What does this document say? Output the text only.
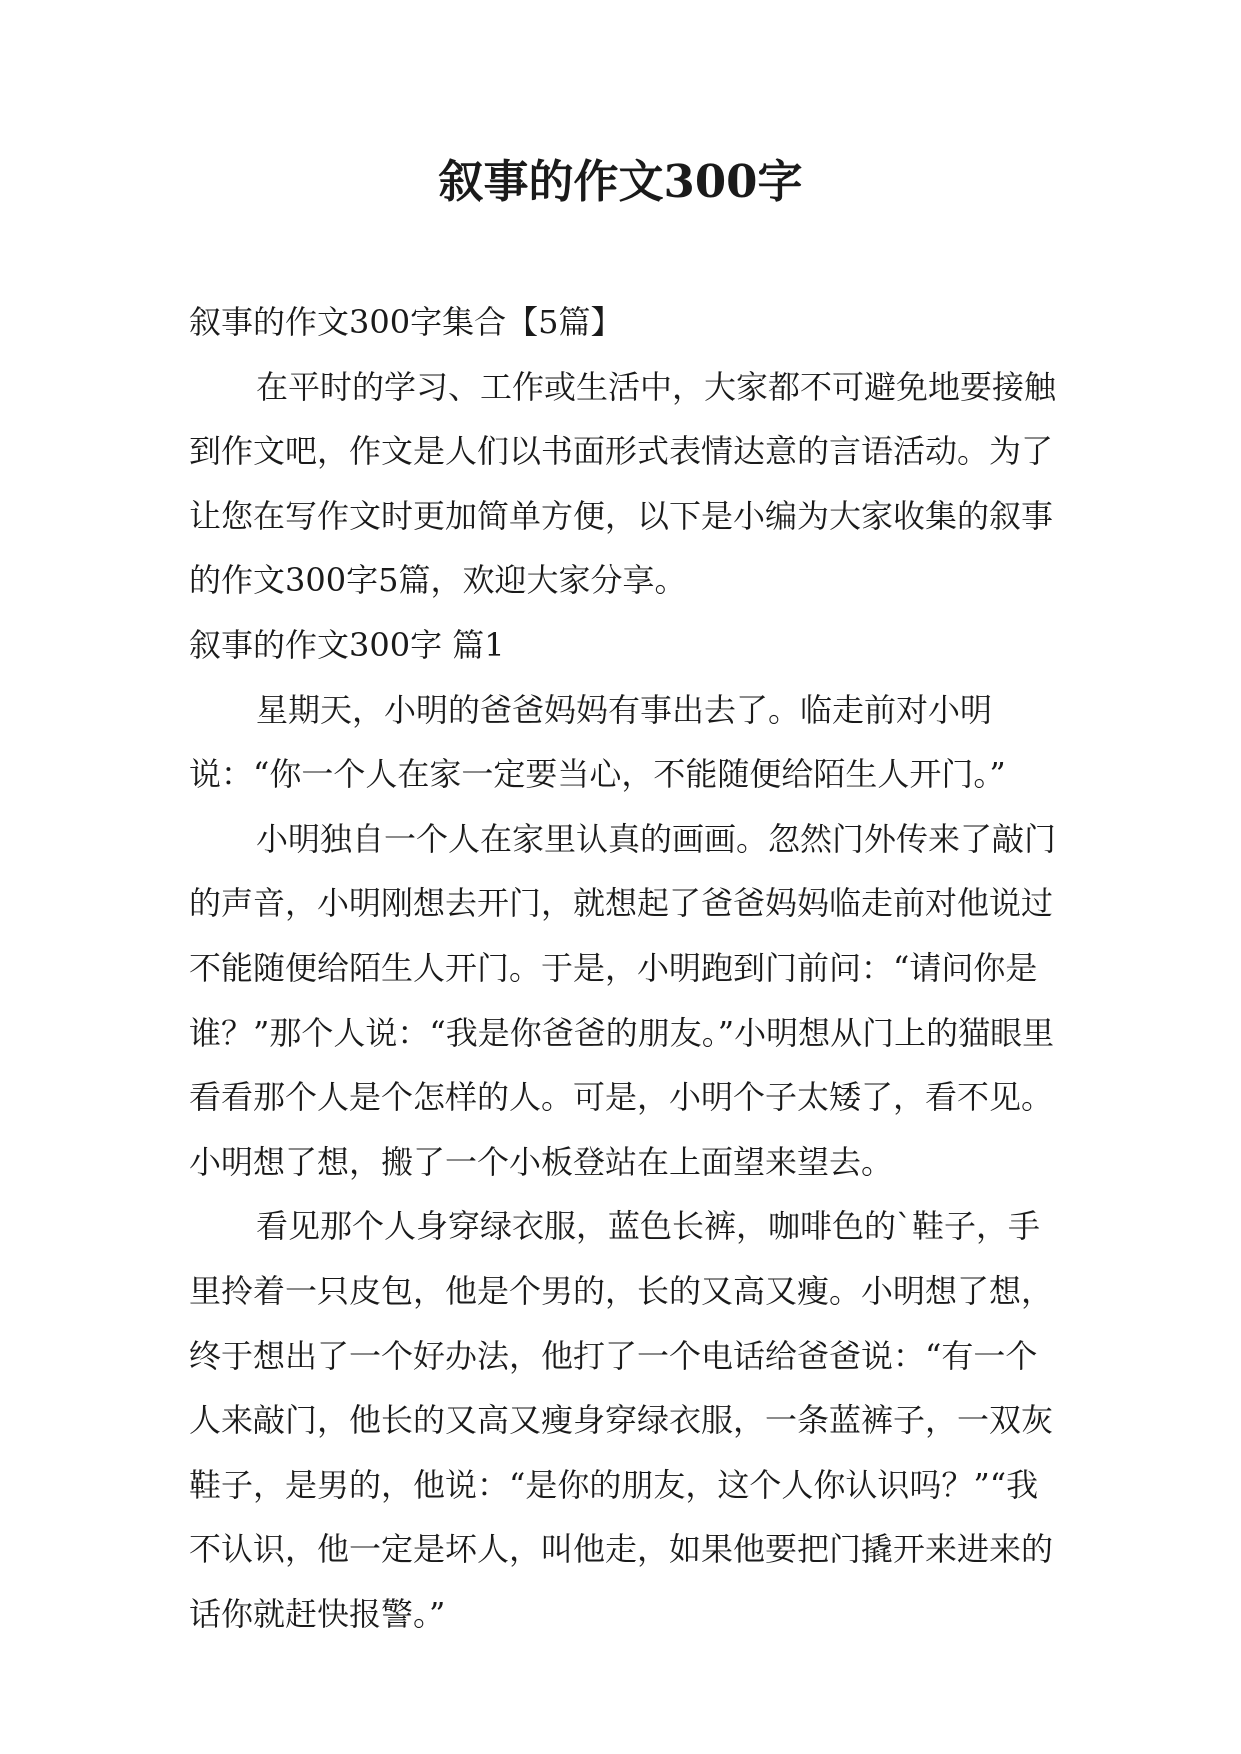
叙事的作文300字

叙事的作文300字集合【5篇】

在平时的学习、工作或生活中，大家都不可避免地要接触到作文吧，作文是人们以书面形式表情达意的言语活动。为了让您在写作文时更加简单方便，以下是小编为大家收集的叙事的作文300字5篇，欢迎大家分享。

叙事的作文300字 篇1

星期天，小明的爸爸妈妈有事出去了。临走前对小明说：“你一个人在家一定要当心，不能随便给陌生人开门。”

小明独自一个人在家里认真的画画。忽然门外传来了敲门的声音，小明刚想去开门，就想起了爸爸妈妈临走前对他说过不能随便给陌生人开门。于是，小明跑到门前问：“请问你是谁？”那个人说：“我是你爸爸的朋友。”小明想从门上的猫眼里看看那个人是个怎样的人。可是，小明个子太矮了，看不见。小明想了想，搬了一个小板登站在上面望来望去。

看见那个人身穿绿衣服，蓝色长裤，咖啡色的`鞋子，手里拎着一只皮包，他是个男的，长的又高又瘦。小明想了想，终于想出了一个好办法，他打了一个电话给爸爸说：“有一个人来敲门，他长的又高又瘦身穿绿衣服，一条蓝裤子，一双灰鞋子，是男的，他说：“是你的朋友，这个人你认识吗？”“我不认识，他一定是坏人，叫他走，如果他要把门撬开来进来的话你就赶快报警。”
